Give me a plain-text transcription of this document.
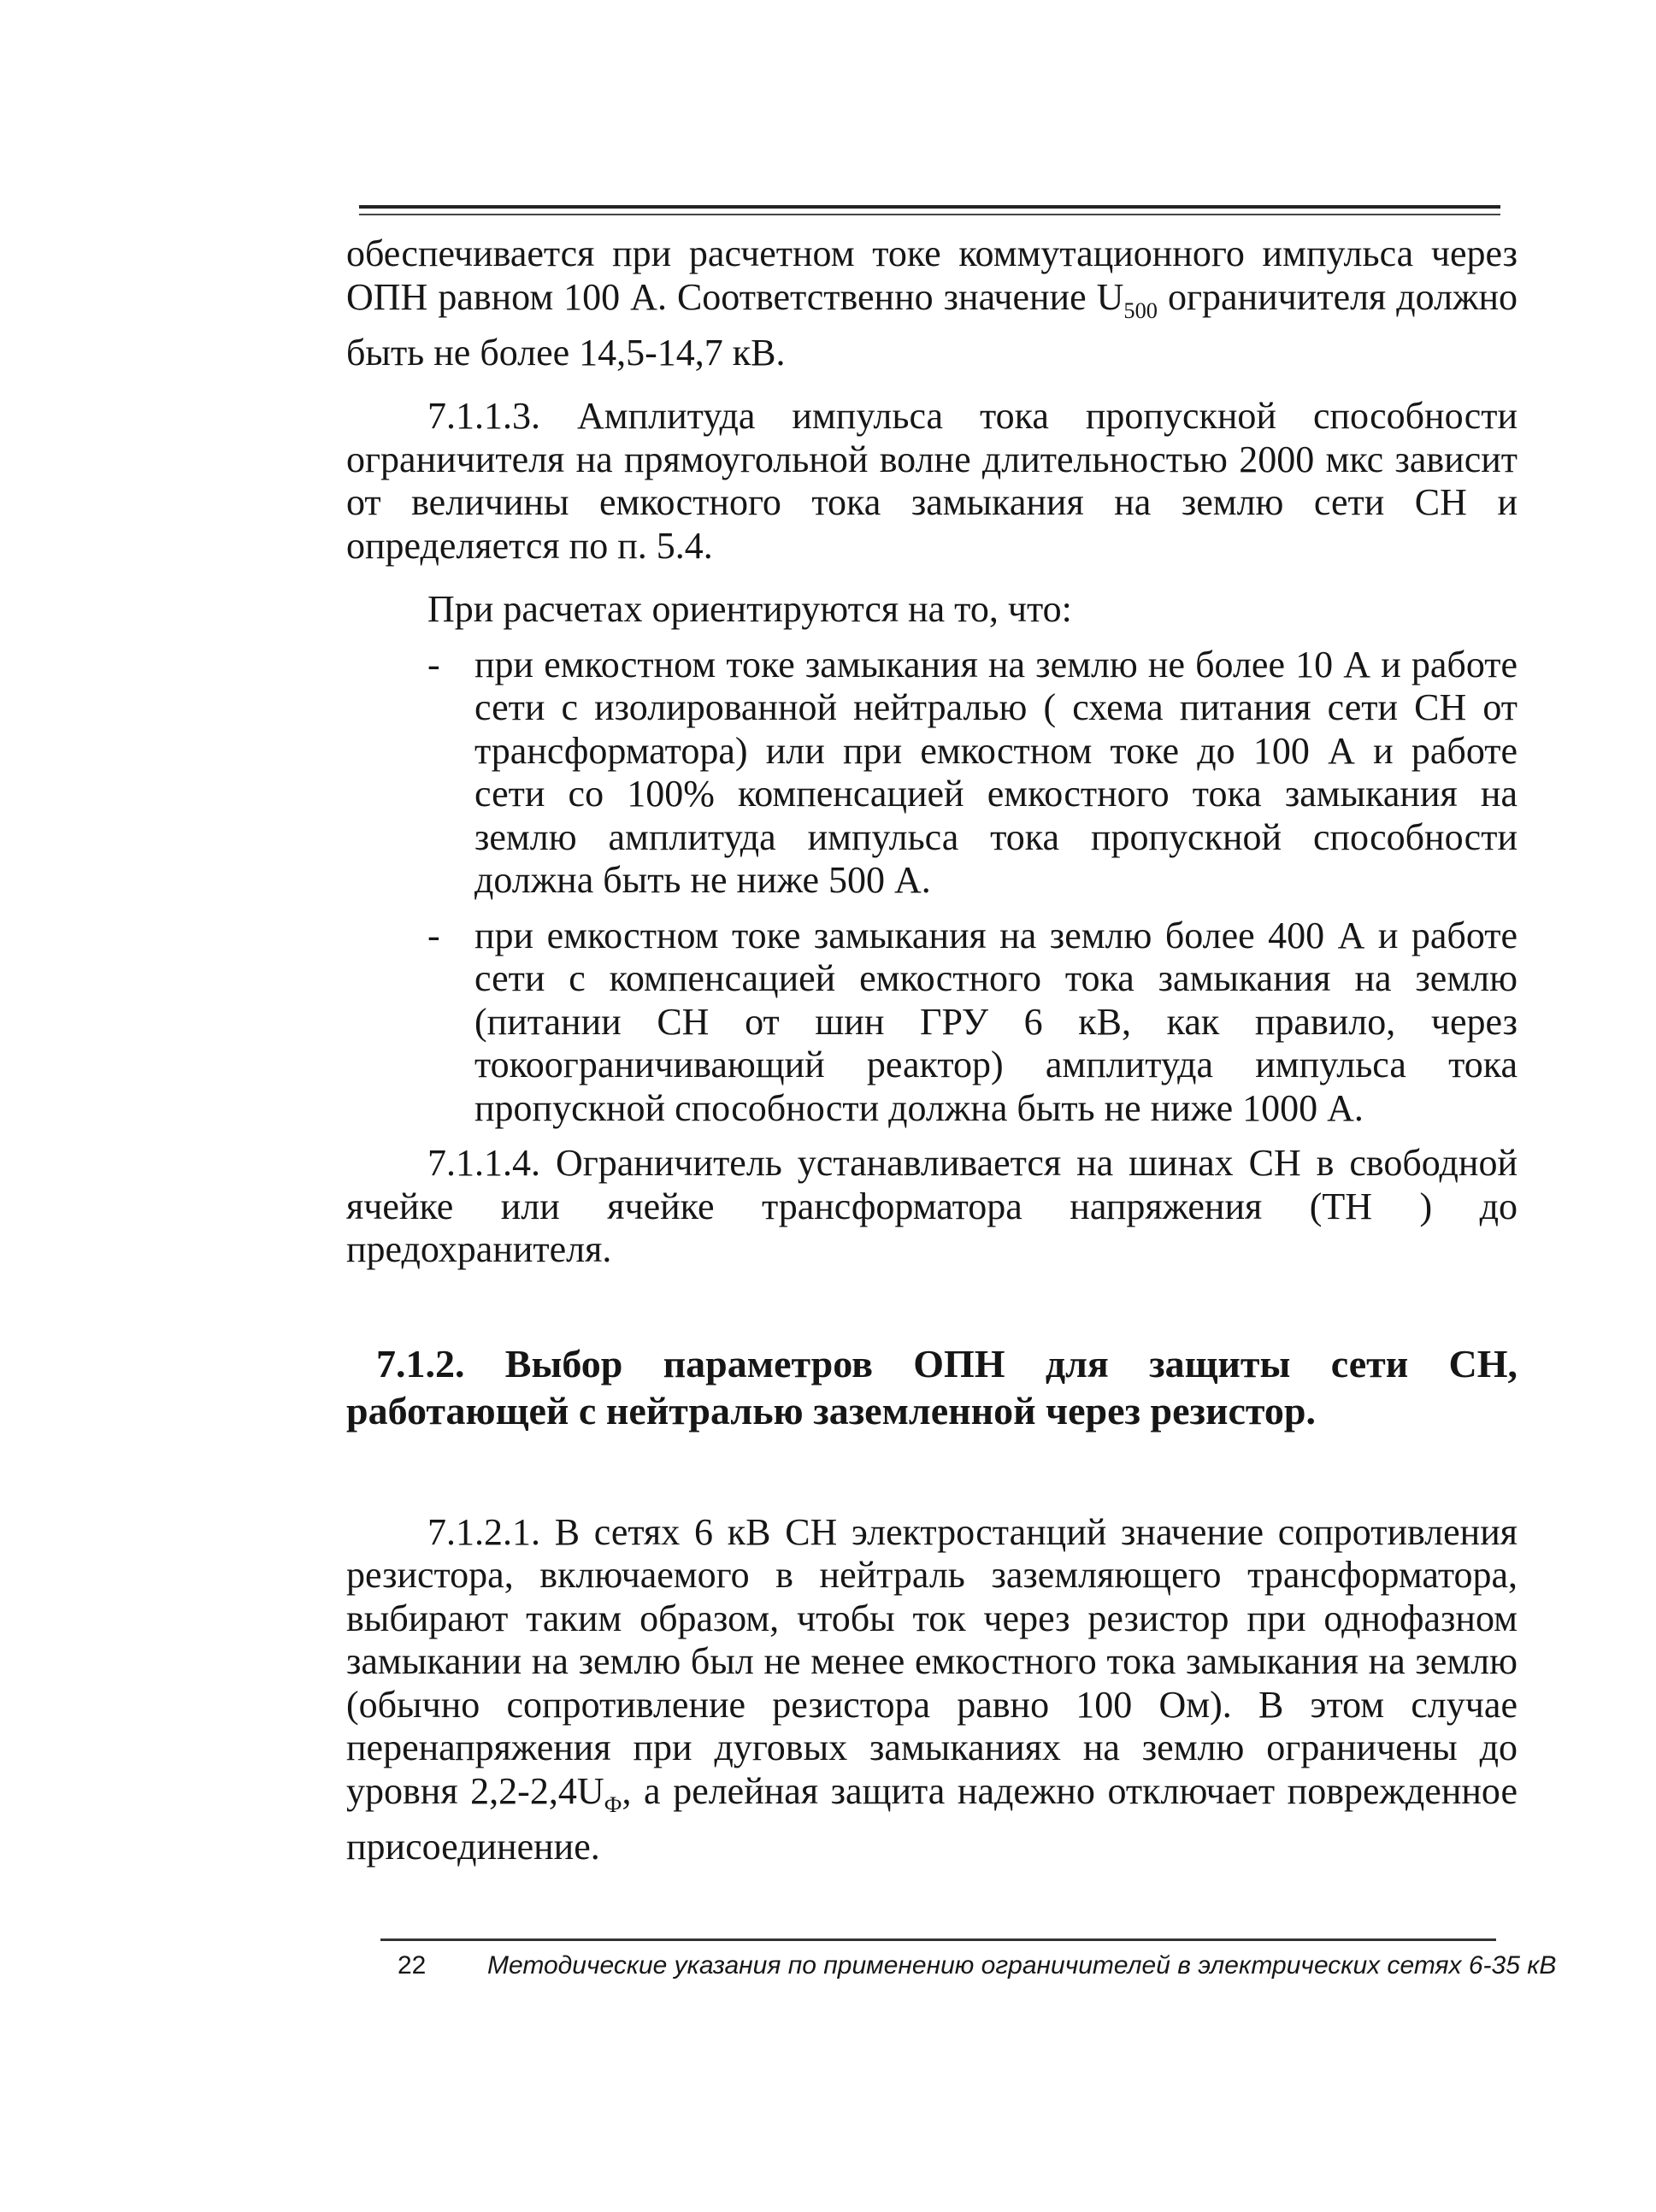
обеспечивается при расчетном токе коммутационного импульса через ОПН равном 100 А. Соответственно значение $U_{500}$ ограничителя должно быть не более 14,5-14,7 кВ.

7.1.1.3. Амплитуда импульса тока пропускной способности ограничителя на прямоугольной волне длительностью 2000 мкс зависит от величины емкостного тока замыкания на землю сети СН и определяется по п. 5.4.

При расчетах ориентируются на то, что:

- при емкостном токе замыкания на землю не более 10 А и работе сети с изолированной нейтралью ( схема питания сети СН от трансформатора) или при емкостном токе до 100 А и работе сети со 100% компенсацией емкостного тока замыкания на землю амплитуда импульса тока пропускной способности должна быть не ниже 500 А.

- при емкостном токе замыкания на землю более 400 А и работе сети с компенсацией емкостного тока замыкания на землю (питании СН от шин ГРУ 6 кВ, как правило, через токоограничивающий реактор) амплитуда импульса тока пропускной способности должна быть не ниже 1000 А.

7.1.1.4. Ограничитель устанавливается на шинах СН в свободной ячейке или ячейке трансформатора напряжения (ТН ) до предохранителя.

7.1.2. Выбор параметров ОПН для защиты сети СН, работающей с нейтралью заземленной через резистор.

7.1.2.1. В сетях 6 кВ СН электростанций значение сопротивления резистора, включаемого в нейтраль заземляющего трансформатора, выбирают таким образом, чтобы ток через резистор при однофазном замыкании на землю был не менее емкостного тока замыкания на землю (обычно сопротивление резистора равно 100 Ом). В этом случае перенапряжения при дуговых замыканиях на землю ограничены до уровня $2,2-2,4U_Ф$, а релейная защита надежно отключает поврежденное присоединение.

22 Методические указания по применению ограничителей в электрических сетях 6-35 кВ
